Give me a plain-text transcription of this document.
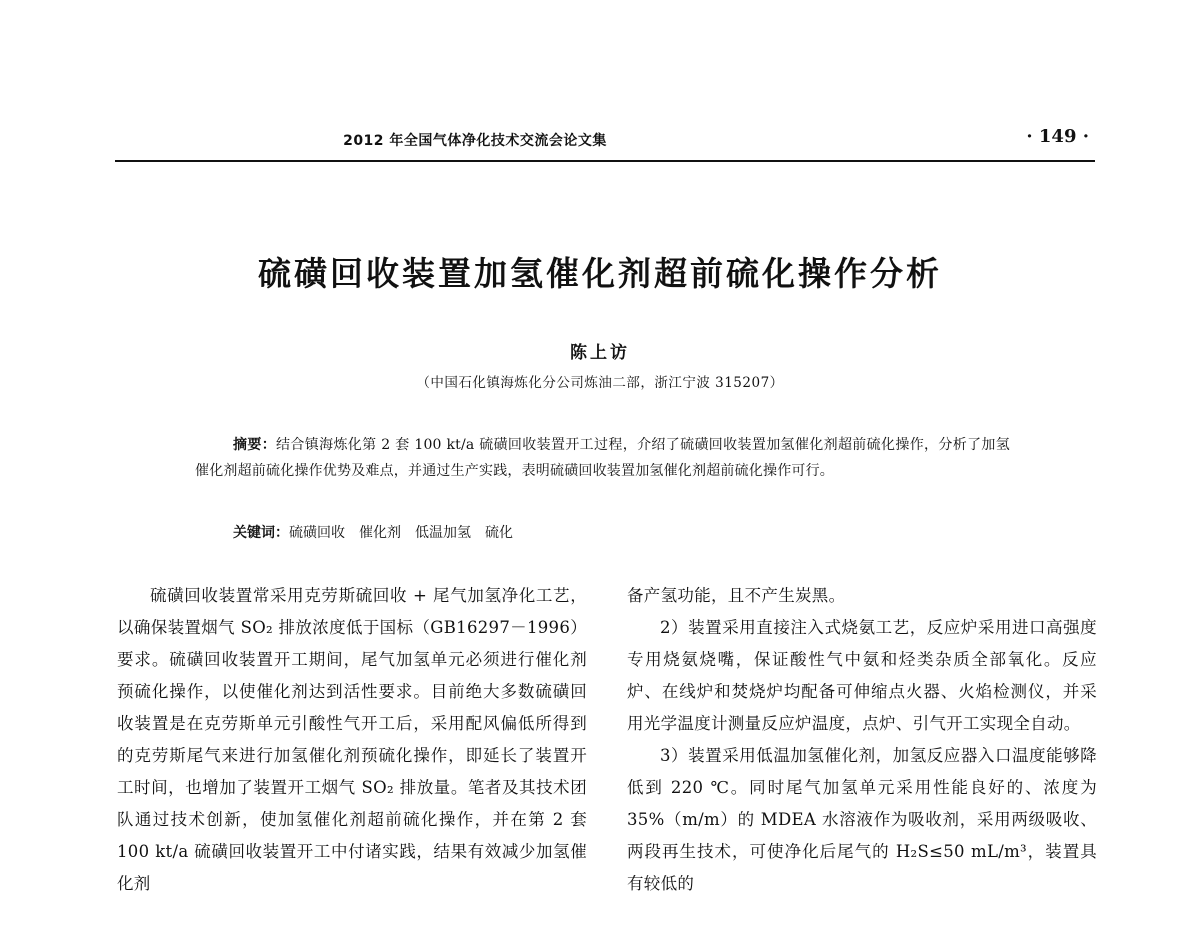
2012 年全国气体净化技术交流会论文集	· 149 ·
硫磺回收装置加氢催化剂超前硫化操作分析
陈上访
（中国石化镇海炼化分公司炼油二部，浙江宁波 315207）
摘要：结合镇海炼化第 2 套 100 kt/a 硫磺回收装置开工过程，介绍了硫磺回收装置加氢催化剂超前硫化操作，分析了加氢催化剂超前硫化操作优势及难点，并通过生产实践，表明硫磺回收装置加氢催化剂超前硫化操作可行。
关键词：硫磺回收 催化剂 低温加氢 硫化

硫磺回收装置常采用克劳斯硫回收 + 尾气加氢净化工艺，以确保装置烟气 SO₂ 排放浓度低于国标（GB16297－1996）要求。硫磺回收装置开工期间，尾气加氢单元必须进行催化剂预硫化操作，以使催化剂达到活性要求。目前绝大多数硫磺回收装置是在克劳斯单元引酸性气开工后，采用配风偏低所得到的克劳斯尾气来进行加氢催化剂预硫化操作，即延长了装置开工时间，也增加了装置开工烟气 SO₂ 排放量。笔者及其技术团队通过技术创新，使加氢催化剂超前硫化操作，并在第 2 套 100 kt/a 硫磺回收装置开工中付诸实践，结果有效减少加氢催化剂

备产氢功能，且不产生炭黑。

2）装置采用直接注入式烧氨工艺，反应炉采用进口高强度专用烧氨烧嘴，保证酸性气中氨和烃类杂质全部氧化。反应炉、在线炉和焚烧炉均配备可伸缩点火器、火焰检测仪，并采用光学温度计测量反应炉温度，点炉、引气开工实现全自动。

3）装置采用低温加氢催化剂，加氢反应器入口温度能够降低到 220 ℃。同时尾气加氢单元采用性能良好的、浓度为 35%（m/m）的 MDEA 水溶液作为吸收剂，采用两级吸收、两段再生技术，可使净化后尾气的 H₂S≤50 mL/m³，装置具有较低的
